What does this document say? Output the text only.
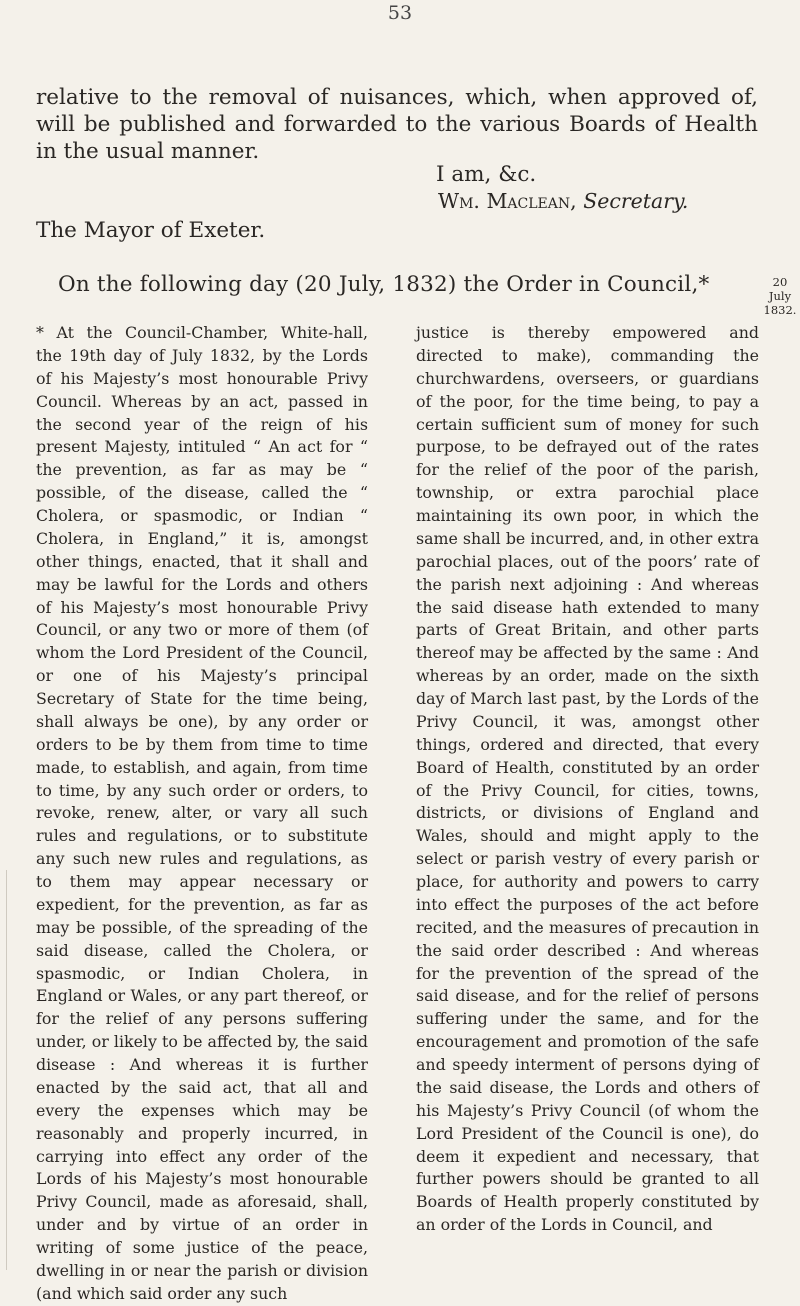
53
relative to the removal of nuisances, which, when approved of, will be published and forwarded to the various Boards of Health in the usual manner.
I am, &c.
Wm. Maclean, Secretary.
The Mayor of Exeter.
On the following day (20 July, 1832) the Order in Council,*	20 July
1832.

* At the Council-Chamber, White-hall, the 19th day of July 1832, by the Lords of his Majesty’s most honourable Privy Council. Whereas by an act, passed in the second year of the reign of his present Majesty, intituled “ An act for “ the prevention, as far as may be “ possible, of the disease, called the “ Cholera, or spasmodic, or Indian “ Cholera, in England,” it is, amongst other things, enacted, that it shall and may be lawful for the Lords and others of his Majesty’s most honourable Privy Council, or any two or more of them (of whom the Lord President of the Council, or one of his Majesty’s principal Secretary of State for the time being, shall always be one), by any order or orders to be by them from time to time made, to establish, and again, from time to time, by any such order or orders, to revoke, renew, alter, or vary all such rules and regulations, or to substitute any such new rules and regulations, as to them may appear necessary or expedient, for the prevention, as far as may be possible, of the spreading of the said disease, called the Cholera, or spasmodic, or Indian Cholera, in England or Wales, or any part thereof, or for the relief of any persons suffering under, or likely to be affected by, the said disease : And whereas it is further enacted by the said act, that all and every the expenses which may be reasonably and properly incurred, in carrying into effect any order of the Lords of his Majesty’s most honourable Privy Council, made as aforesaid, shall, under and by virtue of an order in writing of some justice of the peace, dwelling in or near the parish or division (and which said order any such

justice is thereby empowered and directed to make), commanding the churchwardens, overseers, or guardians of the poor, for the time being, to pay a certain sufficient sum of money for such purpose, to be defrayed out of the rates for the relief of the poor of the parish, township, or extra parochial place maintaining its own poor, in which the same shall be incurred, and, in other extra parochial places, out of the poors’ rate of the parish next adjoining : And whereas the said disease hath extended to many parts of Great Britain, and other parts thereof may be affected by the same : And whereas by an order, made on the sixth day of March last past, by the Lords of the Privy Council, it was, amongst other things, ordered and directed, that every Board of Health, constituted by an order of the Privy Council, for cities, towns, districts, or divisions of England and Wales, should and might apply to the select or parish vestry of every parish or place, for authority and powers to carry into effect the purposes of the act before recited, and the measures of precaution in the said order described : And whereas for the prevention of the spread of the said disease, and for the relief of persons suffering under the same, and for the encouragement and promotion of the safe and speedy interment of persons dying of the said disease, the Lords and others of his Majesty’s Privy Council (of whom the Lord President of the Council is one), do deem it expedient and necessary, that further powers should be granted to all Boards of Health properly constituted by an order of the Lords in Council, and
